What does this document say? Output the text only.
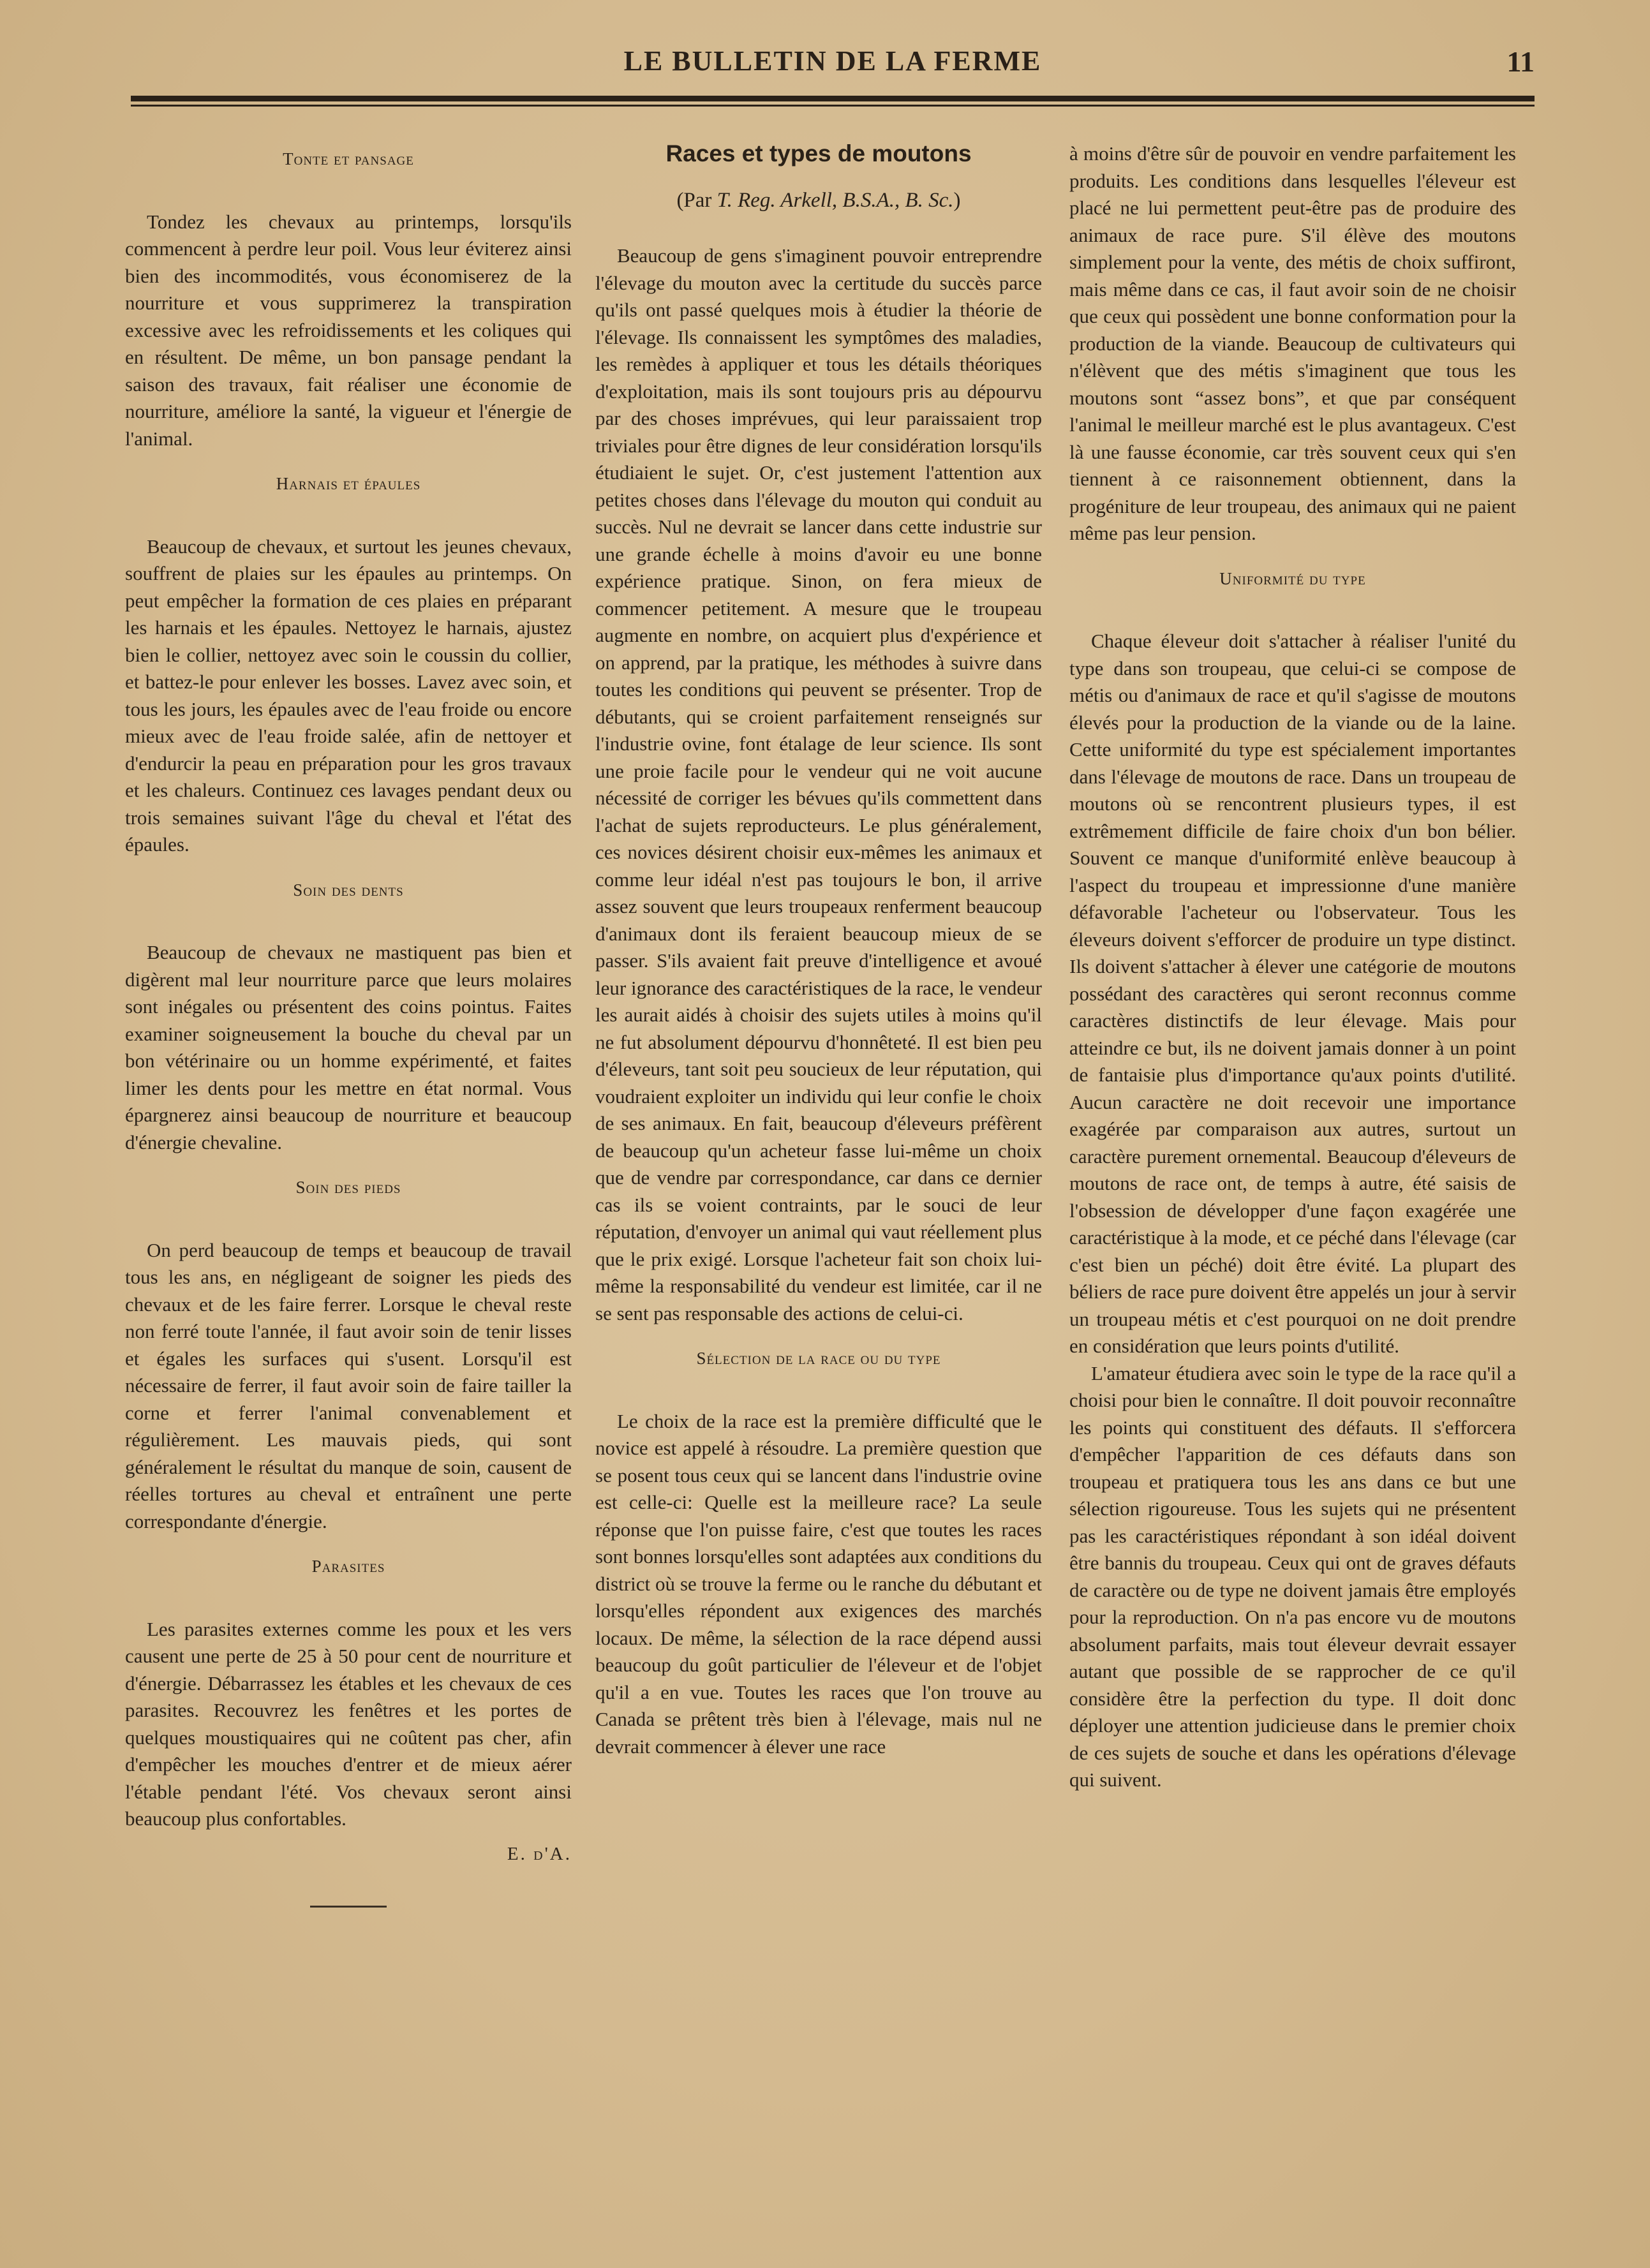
LE BULLETIN DE LA FERME	11
Tonte et pansage

Tondez les chevaux au printemps, lorsqu'ils commencent à perdre leur poil. Vous leur éviterez ainsi bien des incommodités, vous économiserez de la nourriture et vous supprimerez la transpiration excessive avec les refroidissements et les coliques qui en résultent. De même, un bon pansage pendant la saison des travaux, fait réaliser une économie de nourriture, améliore la santé, la vigueur et l'énergie de l'animal.

Harnais et épaules

Beaucoup de chevaux, et surtout les jeunes chevaux, souffrent de plaies sur les épaules au printemps. On peut empêcher la formation de ces plaies en préparant les harnais et les épaules. Nettoyez le harnais, ajustez bien le collier, nettoyez avec soin le coussin du collier, et battez-le pour enlever les bosses. Lavez avec soin, et tous les jours, les épaules avec de l'eau froide ou encore mieux avec de l'eau froide salée, afin de nettoyer et d'endurcir la peau en préparation pour les gros travaux et les chaleurs. Continuez ces lavages pendant deux ou trois semaines suivant l'âge du cheval et l'état des épaules.

Soin des dents

Beaucoup de chevaux ne mastiquent pas bien et digèrent mal leur nourriture parce que leurs molaires sont inégales ou présentent des coins pointus. Faites examiner soigneusement la bouche du cheval par un bon vétérinaire ou un homme expérimenté, et faites limer les dents pour les mettre en état normal. Vous épargnerez ainsi beaucoup de nourriture et beaucoup d'énergie chevaline.

Soin des pieds

On perd beaucoup de temps et beaucoup de travail tous les ans, en négligeant de soigner les pieds des chevaux et de les faire ferrer. Lorsque le cheval reste non ferré toute l'année, il faut avoir soin de tenir lisses et égales les surfaces qui s'usent. Lorsqu'il est nécessaire de ferrer, il faut avoir soin de faire tailler la corne et ferrer l'animal convenablement et régulièrement. Les mauvais pieds, qui sont généralement le résultat du manque de soin, causent de réelles tortures au cheval et entraînent une perte correspondante d'énergie.

Parasites

Les parasites externes comme les poux et les vers causent une perte de 25 à 50 pour cent de nourriture et d'énergie. Débarrassez les étables et les chevaux de ces parasites. Recouvrez les fenêtres et les portes de quelques moustiquaires qui ne coûtent pas cher, afin d'empêcher les mouches d'entrer et de mieux aérer l'étable pendant l'été. Vos chevaux seront ainsi beaucoup plus confortables.

E. d'A.
Races et types de moutons
(Par T. Reg. Arkell, B.S.A., B. Sc.)

Beaucoup de gens s'imaginent pouvoir entreprendre l'élevage du mouton avec la certitude du succès parce qu'ils ont passé quelques mois à étudier la théorie de l'élevage. Ils connaissent les symptômes des maladies, les remèdes à appliquer et tous les détails théoriques d'exploitation, mais ils sont toujours pris au dépourvu par des choses imprévues, qui leur paraissaient trop triviales pour être dignes de leur considération lorsqu'ils étudiaient le sujet. Or, c'est justement l'attention aux petites choses dans l'élevage du mouton qui conduit au succès. Nul ne devrait se lancer dans cette industrie sur une grande échelle à moins d'avoir eu une bonne expérience pratique. Sinon, on fera mieux de commencer petitement. A mesure que le troupeau augmente en nombre, on acquiert plus d'expérience et on apprend, par la pratique, les méthodes à suivre dans toutes les conditions qui peuvent se présenter. Trop de débutants, qui se croient parfaitement renseignés sur l'industrie ovine, font étalage de leur science. Ils sont une proie facile pour le vendeur qui ne voit aucune nécessité de corriger les bévues qu'ils commettent dans l'achat de sujets reproducteurs. Le plus généralement, ces novices désirent choisir eux-mêmes les animaux et comme leur idéal n'est pas toujours le bon, il arrive assez souvent que leurs troupeaux renferment beaucoup d'animaux dont ils feraient beaucoup mieux de se passer. S'ils avaient fait preuve d'intelligence et avoué leur ignorance des caractéristiques de la race, le vendeur les aurait aidés à choisir des sujets utiles à moins qu'il ne fut absolument dépourvu d'honnêteté. Il est bien peu d'éleveurs, tant soit peu soucieux de leur réputation, qui voudraient exploiter un individu qui leur confie le choix de ses animaux. En fait, beaucoup d'éleveurs préfèrent de beaucoup qu'un acheteur fasse lui-même un choix que de vendre par correspondance, car dans ce dernier cas ils se voient contraints, par le souci de leur réputation, d'envoyer un animal qui vaut réellement plus que le prix exigé. Lorsque l'acheteur fait son choix lui-même la responsabilité du vendeur est limitée, car il ne se sent pas responsable des actions de celui-ci.

Sélection de la race ou du type

Le choix de la race est la première difficulté que le novice est appelé à résoudre. La première question que se posent tous ceux qui se lancent dans l'industrie ovine est celle-ci: Quelle est la meilleure race? La seule réponse que l'on puisse faire, c'est que toutes les races sont bonnes lorsqu'elles sont adaptées aux conditions du district où se trouve la ferme ou le ranche du débutant et lorsqu'elles répondent aux exigences des marchés locaux. De même, la sélection de la race dépend aussi beaucoup du goût particulier de l'éleveur et de l'objet qu'il a en vue. Toutes les races que l'on trouve au Canada se prêtent très bien à l'élevage, mais nul ne devrait commencer à élever une race

à moins d'être sûr de pouvoir en vendre parfaitement les produits. Les conditions dans lesquelles l'éleveur est placé ne lui permettent peut-être pas de produire des animaux de race pure. S'il élève des moutons simplement pour la vente, des métis de choix suffiront, mais même dans ce cas, il faut avoir soin de ne choisir que ceux qui possèdent une bonne conformation pour la production de la viande. Beaucoup de cultivateurs qui n'élèvent que des métis s'imaginent que tous les moutons sont “assez bons”, et que par conséquent l'animal le meilleur marché est le plus avantageux. C'est là une fausse économie, car très souvent ceux qui s'en tiennent à ce raisonnement obtiennent, dans la progéniture de leur troupeau, des animaux qui ne paient même pas leur pension.

Uniformité du type

Chaque éleveur doit s'attacher à réaliser l'unité du type dans son troupeau, que celui-ci se compose de métis ou d'animaux de race et qu'il s'agisse de moutons élevés pour la production de la viande ou de la laine. Cette uniformité du type est spécialement importantes dans l'élevage de moutons de race. Dans un troupeau de moutons où se rencontrent plusieurs types, il est extrêmement difficile de faire choix d'un bon bélier. Souvent ce manque d'uniformité enlève beaucoup à l'aspect du troupeau et impressionne d'une manière défavorable l'acheteur ou l'observateur. Tous les éleveurs doivent s'efforcer de produire un type distinct. Ils doivent s'attacher à élever une catégorie de moutons possédant des caractères qui seront reconnus comme caractères distinctifs de leur élevage. Mais pour atteindre ce but, ils ne doivent jamais donner à un point de fantaisie plus d'importance qu'aux points d'utilité. Aucun caractère ne doit recevoir une importance exagérée par comparaison aux autres, surtout un caractère purement ornemental. Beaucoup d'éleveurs de moutons de race ont, de temps à autre, été saisis de l'obsession de développer d'une façon exagérée une caractéristique à la mode, et ce péché dans l'élevage (car c'est bien un péché) doit être évité. La plupart des béliers de race pure doivent être appelés un jour à servir un troupeau métis et c'est pourquoi on ne doit prendre en considération que leurs points d'utilité.

L'amateur étudiera avec soin le type de la race qu'il a choisi pour bien le connaître. Il doit pouvoir reconnaître les points qui constituent des défauts. Il s'efforcera d'empêcher l'apparition de ces défauts dans son troupeau et pratiquera tous les ans dans ce but une sélection rigoureuse. Tous les sujets qui ne présentent pas les caractéristiques répondant à son idéal doivent être bannis du troupeau. Ceux qui ont de graves défauts de caractère ou de type ne doivent jamais être employés pour la reproduction. On n'a pas encore vu de moutons absolument parfaits, mais tout éleveur devrait essayer autant que possible de se rapprocher de ce qu'il considère être la perfection du type. Il doit donc déployer une attention judicieuse dans le premier choix de ces sujets de souche et dans les opérations d'élevage qui suivent.
